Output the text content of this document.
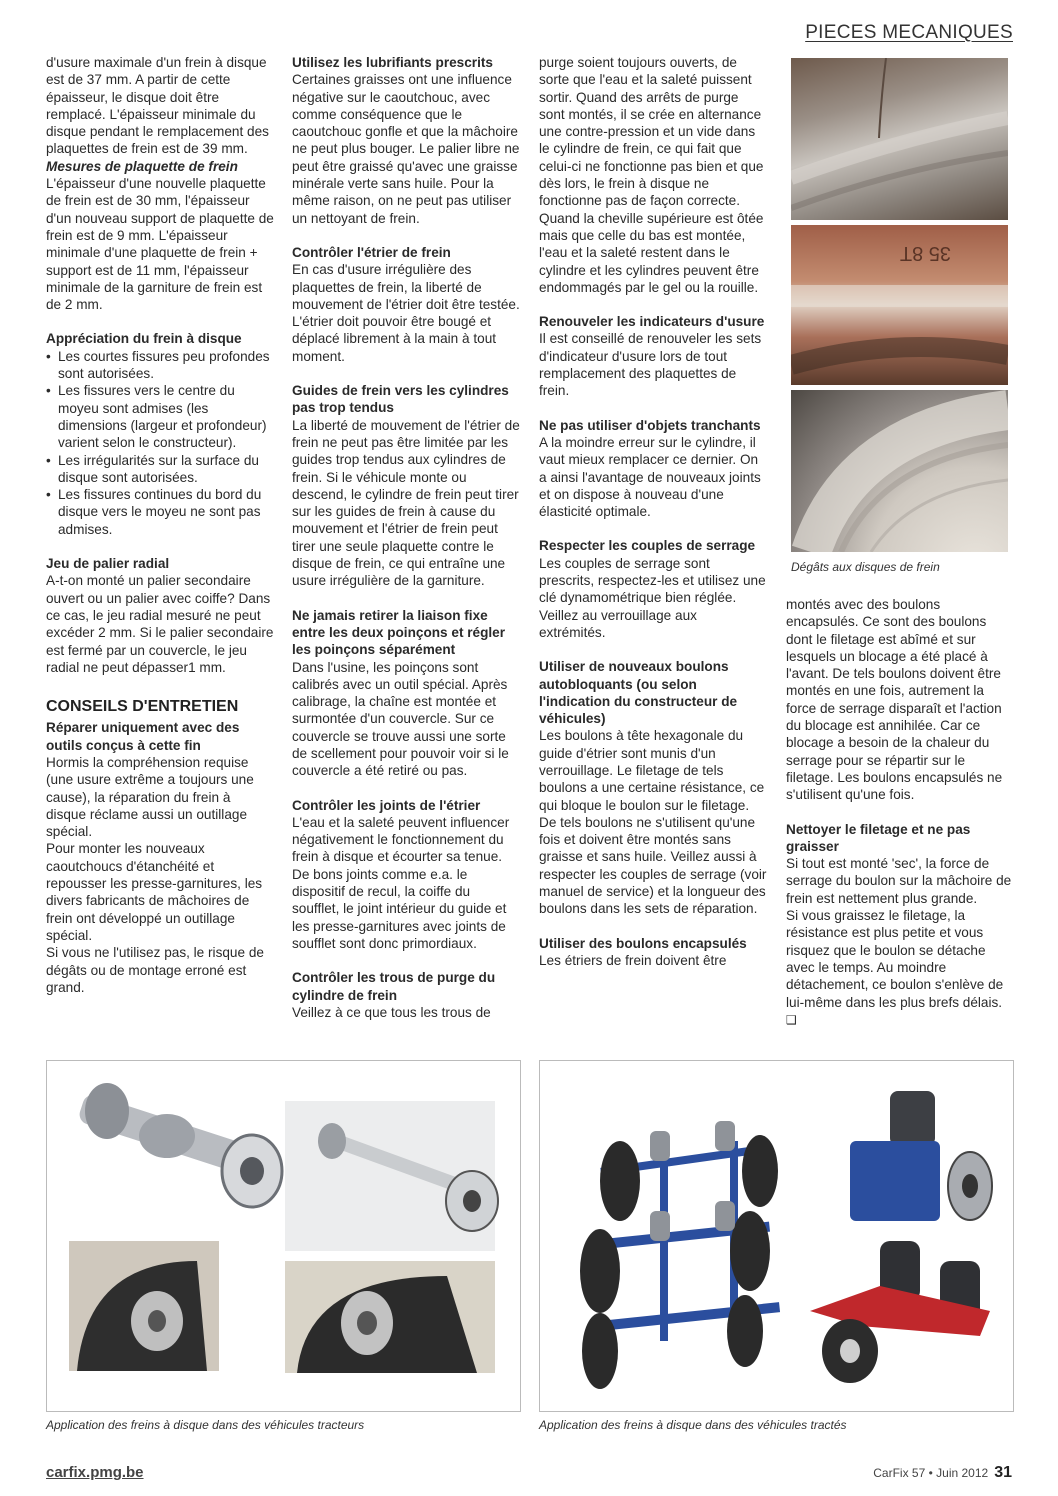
PIECES MECANIQUES

d'usure maximale d'un frein à disque est de 37 mm. A partir de cette épaisseur, le disque doit être remplacé. L'épaisseur minimale du disque pendant le remplacement des plaquettes de frein est de 39 mm.

Mesures de plaquette de frein

L'épaisseur d'une nouvelle plaquette de frein est de 30 mm, l'épaisseur d'un nouveau support de plaquette de frein est de 9 mm. L'épaisseur minimale d'une plaquette de frein + support est de 11 mm, l'épaisseur minimale de la garniture de frein est de 2 mm.

Appréciation du frein à disque
• Les courtes fissures peu profondes sont autorisées.
• Les fissures vers le centre du moyeu sont admises (les dimensions (largeur et profondeur) varient selon le constructeur).
• Les irrégularités sur la surface du disque sont autorisées.
• Les fissures continues du bord du disque vers le moyeu ne sont pas admises.
Jeu de palier radial

A-t-on monté un palier secondaire ouvert ou un palier avec coiffe? Dans ce cas, le jeu radial mesuré ne peut excéder 2 mm. Si le palier secondaire est fermé par un couvercle, le jeu radial ne peut dépasser1 mm.

CONSEILS D'ENTRETIEN
Réparer uniquement avec des outils conçus à cette fin

Hormis la compréhension requise (une usure extrême a toujours une cause), la réparation du frein à disque réclame aussi un outillage spécial.

Pour monter les nouveaux caoutchoucs d'étanchéité et repousser les presse-garnitures, les divers fabricants de mâchoires de frein ont développé un outillage spécial.

Si vous ne l'utilisez pas, le risque de dégâts ou de montage erroné est grand.

Utilisez les lubrifiants prescrits

Certaines graisses ont une influence négative sur le caoutchouc, avec comme conséquence que le caoutchouc gonfle et que la mâchoire ne peut plus bouger. Le palier libre ne peut être graissé qu'avec une graisse minérale verte sans huile. Pour la même raison, on ne peut pas utiliser un nettoyant de frein.

Contrôler l'étrier de frein

En cas d'usure irrégulière des plaquettes de frein, la liberté de mouvement de l'étrier doit être testée. L'étrier doit pouvoir être bougé et déplacé librement à la main à tout moment.

Guides de frein vers les cylindres pas trop tendus

La liberté de mouvement de l'étrier de frein ne peut pas être limitée par les guides trop tendus aux cylindres de frein. Si le véhicule monte ou descend, le cylindre de frein peut tirer sur les guides de frein à cause du mouvement et l'étrier de frein peut tirer une seule plaquette contre le disque de frein, ce qui entraîne une usure irrégulière de la garniture.

Ne jamais retirer la liaison fixe entre les deux poinçons et régler les poinçons séparément

Dans l'usine, les poinçons sont calibrés avec un outil spécial. Après calibrage, la chaîne est montée et surmontée d'un couvercle. Sur ce couvercle se trouve aussi une sorte de scellement pour pouvoir voir si le couvercle a été retiré ou pas.

Contrôler les joints de l'étrier

L'eau et la saleté peuvent influencer négativement le fonctionnement du frein à disque et écourter sa tenue. De bons joints comme e.a. le dispositif de recul, la coiffe du soufflet, le joint intérieur du guide et les presse-garnitures avec joints de soufflet sont donc primordiaux.

Contrôler les trous de purge du cylindre de frein

Veillez à ce que tous les trous de

purge soient toujours ouverts, de sorte que l'eau et la saleté puissent sortir. Quand des arrêts de purge sont montés, il se crée en alternance une contre-pression et un vide dans le cylindre de frein, ce qui fait que celui-ci ne fonctionne pas bien et que dès lors, le frein à disque ne fonctionne pas de façon correcte. Quand la cheville supérieure est ôtée mais que celle du bas est montée, l'eau et la saleté restent dans le cylindre et les cylindres peuvent être endommagés par le gel ou la rouille.

Renouveler les indicateurs d'usure

Il est conseillé de renouveler les sets d'indicateur d'usure lors de tout remplacement des plaquettes de frein.

Ne pas utiliser d'objets tranchants

A la moindre erreur sur le cylindre, il vaut mieux remplacer ce dernier. On a ainsi l'avantage de nouveaux joints et on dispose à nouveau d'une élasticité optimale.

Respecter les couples de serrage

Les couples de serrage sont prescrits, respectez-les et utilisez une clé dynamométrique bien réglée. Veillez au verrouillage aux extrémités.

Utiliser de nouveaux boulons autobloquants (ou selon l'indication du constructeur de véhicules)

Les boulons à tête hexagonale du guide d'étrier sont munis d'un verrouillage. Le filetage de tels boulons a une certaine résistance, ce qui bloque le boulon sur le filetage. De tels boulons ne s'utilisent qu'une fois et doivent être montés sans graisse et sans huile. Veillez aussi à respecter les couples de serrage (voir manuel de service) et la longueur des boulons dans les sets de réparation.

Utiliser des boulons encapsulés

Les étriers de frein doivent être

montés avec des boulons encapsulés. Ce sont des boulons dont le filetage est abîmé et sur lesquels un blocage a été placé à l'avant. De tels boulons doivent être montés en une fois, autrement la force de serrage disparaît et l'action du blocage est annihilée. Car ce blocage a besoin de la chaleur du serrage pour se répartir sur le filetage. Les boulons encapsulés ne s'utilisent qu'une fois.

Nettoyer le filetage et ne pas graisser

Si tout est monté 'sec', la force de serrage du boulon sur la mâchoire de frein est nettement plus grande.

Si vous graissez le filetage, la résistance est plus petite et vous risquez que le boulon se détache avec le temps. Au moindre détachement, ce boulon s'enlève de lui-même dans les plus brefs délais. ❑

35 8T
Dégâts aux disques de frein
Application des freins à disque dans des véhicules tracteurs	Application des freins à disque dans des véhicules tractés
carfix.pmg.be	CarFix 57 • Juin 2012 31
